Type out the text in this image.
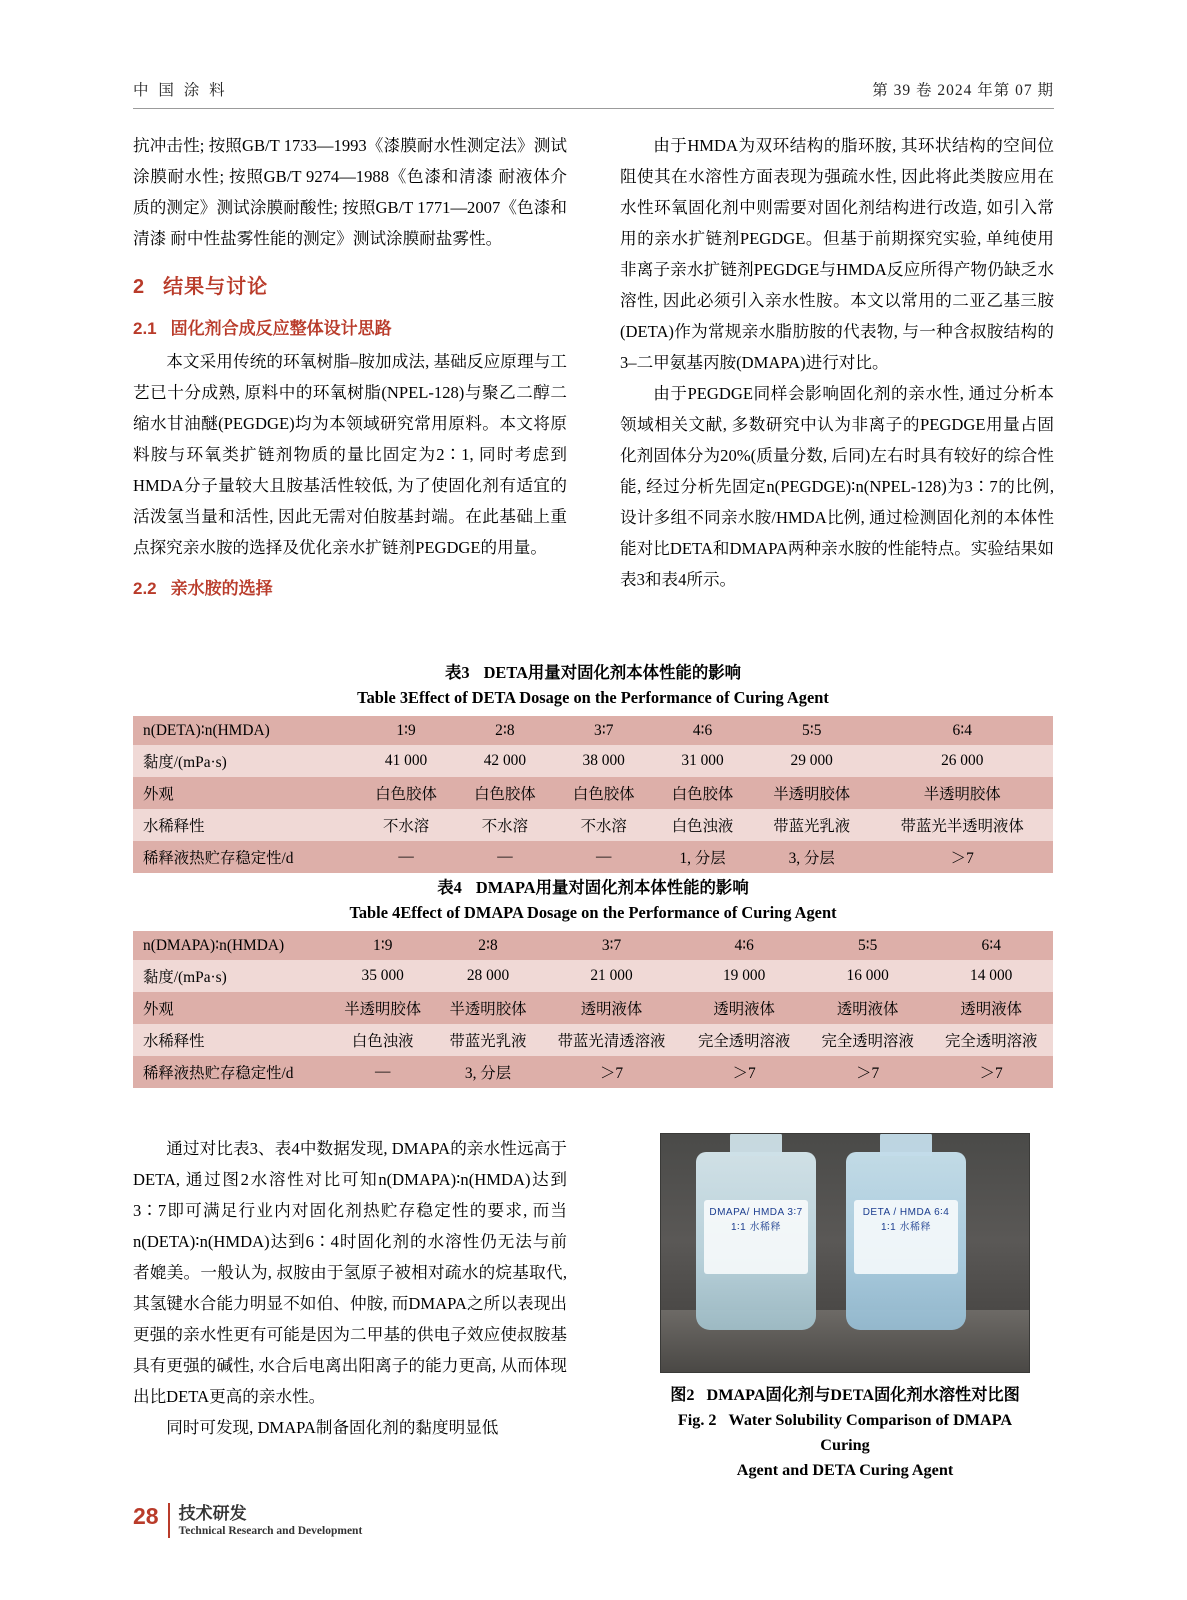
中 国 涂 料	第 39 卷 2024 年第 07 期

抗冲击性; 按照GB/T 1733—1993《漆膜耐水性测定法》测试涂膜耐水性; 按照GB/T 9274—1988《色漆和清漆 耐液体介质的测定》测试涂膜耐酸性; 按照GB/T 1771—2007《色漆和清漆 耐中性盐雾性能的测定》测试涂膜耐盐雾性。

2 结果与讨论
2.1 固化剂合成反应整体设计思路

本文采用传统的环氧树脂–胺加成法, 基础反应原理与工艺已十分成熟, 原料中的环氧树脂(NPEL-128)与聚乙二醇二缩水甘油醚(PEGDGE)均为本领域研究常用原料。本文将原料胺与环氧类扩链剂物质的量比固定为2∶1, 同时考虑到HMDA分子量较大且胺基活性较低, 为了使固化剂有适宜的活泼氢当量和活性, 因此无需对伯胺基封端。在此基础上重点探究亲水胺的选择及优化亲水扩链剂PEGDGE的用量。

2.2 亲水胺的选择

由于HMDA为双环结构的脂环胺, 其环状结构的空间位阻使其在水溶性方面表现为强疏水性, 因此将此类胺应用在水性环氧固化剂中则需要对固化剂结构进行改造, 如引入常用的亲水扩链剂PEGDGE。但基于前期探究实验, 单纯使用非离子亲水扩链剂PEGDGE与HMDA反应所得产物仍缺乏水溶性, 因此必须引入亲水性胺。本文以常用的二亚乙基三胺(DETA)作为常规亲水脂肪胺的代表物, 与一种含叔胺结构的3–二甲氨基丙胺(DMAPA)进行对比。

由于PEGDGE同样会影响固化剂的亲水性, 通过分析本领域相关文献, 多数研究中认为非离子的PEGDGE用量占固化剂固体分为20%(质量分数, 后同)左右时具有较好的综合性能, 经过分析先固定n(PEGDGE)∶n(NPEL-128)为3∶7的比例, 设计多组不同亲水胺/HMDA比例, 通过检测固化剂的本体性能对比DETA和DMAPA两种亲水胺的性能特点。实验结果如表3和表4所示。

表3 DETA用量对固化剂本体性能的影响
Table 3Effect of DETA Dosage on the Performance of Curing Agent
n(DETA)∶n(HMDA)	1∶9	2∶8	3∶7	4∶6	5∶5	6∶4
黏度/(mPa·s)	41 000	42 000	38 000	31 000	29 000	26 000
外观	白色胶体	白色胶体	白色胶体	白色胶体	半透明胶体	半透明胶体
水稀释性	不水溶	不水溶	不水溶	白色浊液	带蓝光乳液	带蓝光半透明液体
稀释液热贮存稳定性/d	—	—	—	1, 分层	3, 分层	＞7
表4 DMAPA用量对固化剂本体性能的影响
Table 4Effect of DMAPA Dosage on the Performance of Curing Agent
n(DMAPA)∶n(HMDA)	1∶9	2∶8	3∶7	4∶6	5∶5	6∶4
黏度/(mPa·s)	35 000	28 000	21 000	19 000	16 000	14 000
外观	半透明胶体	半透明胶体	透明液体	透明液体	透明液体	透明液体
水稀释性	白色浊液	带蓝光乳液	带蓝光清透溶液	完全透明溶液	完全透明溶液	完全透明溶液
稀释液热贮存稳定性/d	—	3, 分层	＞7	＞7	＞7	＞7

通过对比表3、表4中数据发现, DMAPA的亲水性远高于DETA, 通过图2水溶性对比可知n(DMAPA)∶n(HMDA)达到3∶7即可满足行业内对固化剂热贮存稳定性的要求, 而当n(DETA)∶n(HMDA)达到6∶4时固化剂的水溶性仍无法与前者媲美。一般认为, 叔胺由于氢原子被相对疏水的烷基取代, 其氢键水合能力明显不如伯、仲胺, 而DMAPA之所以表现出更强的亲水性更有可能是因为二甲基的供电子效应使叔胺基具有更强的碱性, 水合后电离出阳离子的能力更高, 从而体现出比DETA更高的亲水性。

同时可发现, DMAPA制备固化剂的黏度明显低

DMAPA/ HMDA 3∶7 1∶1 水稀释
DETA / HMDA 6∶4 1∶1 水稀释
图2 DMAPA固化剂与DETA固化剂水溶性对比图
Fig. 2 Water Solubility Comparison of DMAPA Curing
Agent and DETA Curing Agent
28 技术研发
Technical Research and Development
